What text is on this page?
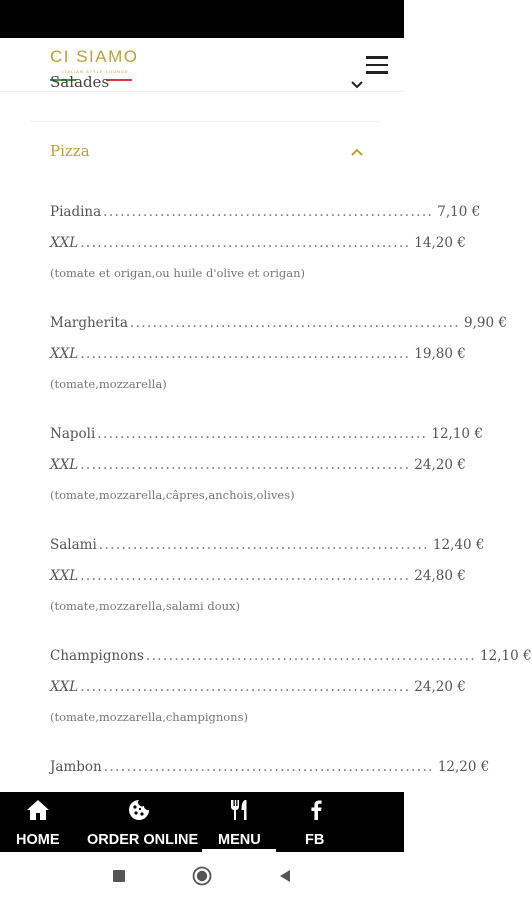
CI SIAMO
ITALIAN STYLE LOUNGE
Salades
Pizza
Piadina .......................................................... 7,10 €
XXL .......................................................... 14,20 €
(tomate et origan,ou huile d'olive et origan)
Margherita .......................................................... 9,90 €
XXL .......................................................... 19,80 €
(tomate,mozzarella)
Napoli .......................................................... 12,10 €
XXL .......................................................... 24,20 €
(tomate,mozzarella,câpres,anchois,olives)
Salami .......................................................... 12,40 €
XXL .......................................................... 24,80 €
(tomate,mozzarella,salami doux)
Champignons .......................................................... 12,10 €
XXL .......................................................... 24,20 €
(tomate,mozzarella,champignons)
Jambon .......................................................... 12,20 €
HOME ORDER ONLINE MENU	FB
